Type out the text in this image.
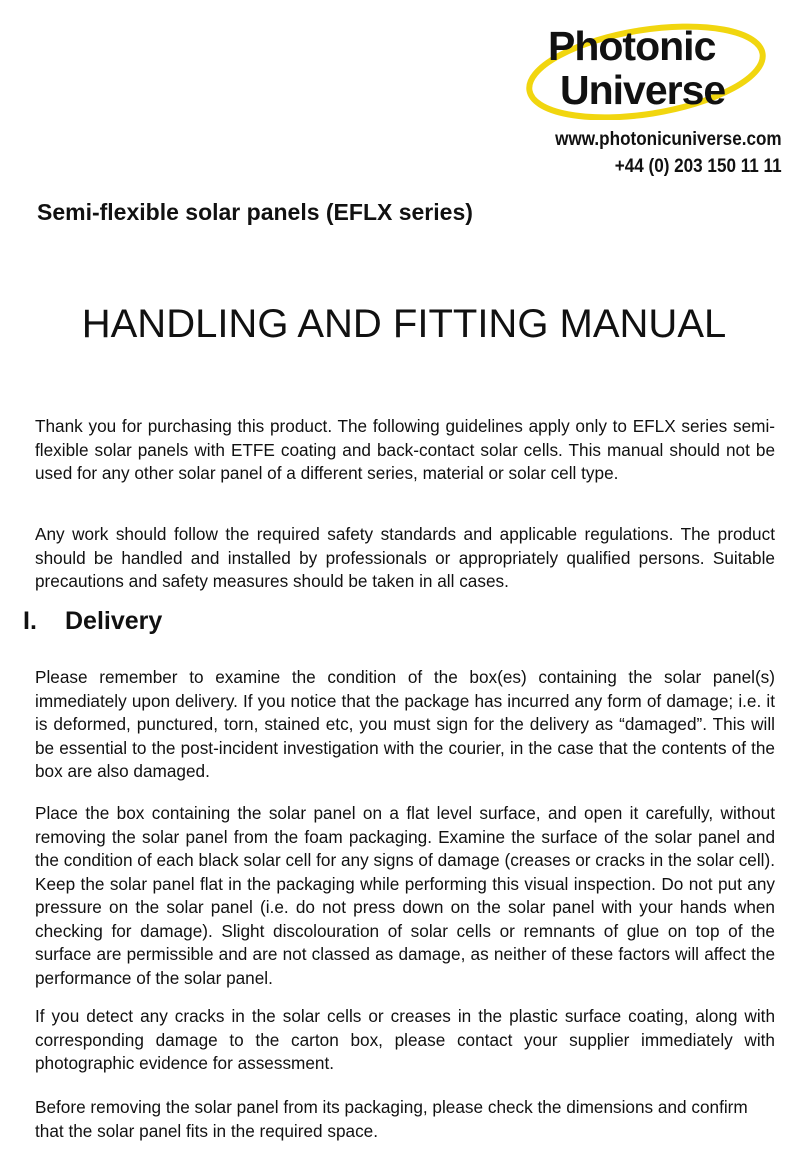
Photonic
Universe
www.photonicuniverse.com
+44 (0) 203 150 11 11
Semi-flexible solar panels (EFLX series)
HANDLING AND FITTING MANUAL

Thank you for purchasing this product. The following guidelines apply only to EFLX series semi-flexible solar panels with ETFE coating and back-contact solar cells. This manual should not be used for any other solar panel of a different series, material or solar cell type.

Any work should follow the required safety standards and applicable regulations. The product should be handled and installed by professionals or appropriately qualified persons. Suitable precautions and safety measures should be taken in all cases.

I. Delivery

Please remember to examine the condition of the box(es) containing the solar panel(s) immediately upon delivery. If you notice that the package has incurred any form of damage; i.e. it is deformed, punctured, torn, stained etc, you must sign for the delivery as “damaged”. This will be essential to the post-incident investigation with the courier, in the case that the contents of the box are also damaged.

Place the box containing the solar panel on a flat level surface, and open it carefully, without removing the solar panel from the foam packaging. Examine the surface of the solar panel and the condition of each black solar cell for any signs of damage (creases or cracks in the solar cell). Keep the solar panel flat in the packaging while performing this visual inspection. Do not put any pressure on the solar panel (i.e. do not press down on the solar panel with your hands when checking for damage). Slight discolouration of solar cells or remnants of glue on top of the surface are permissible and are not classed as damage, as neither of these factors will affect the performance of the solar panel.

If you detect any cracks in the solar cells or creases in the plastic surface coating, along with corresponding damage to the carton box, please contact your supplier immediately with photographic evidence for assessment.

Before removing the solar panel from its packaging, please check the dimensions and confirm that the solar panel fits in the required space.
